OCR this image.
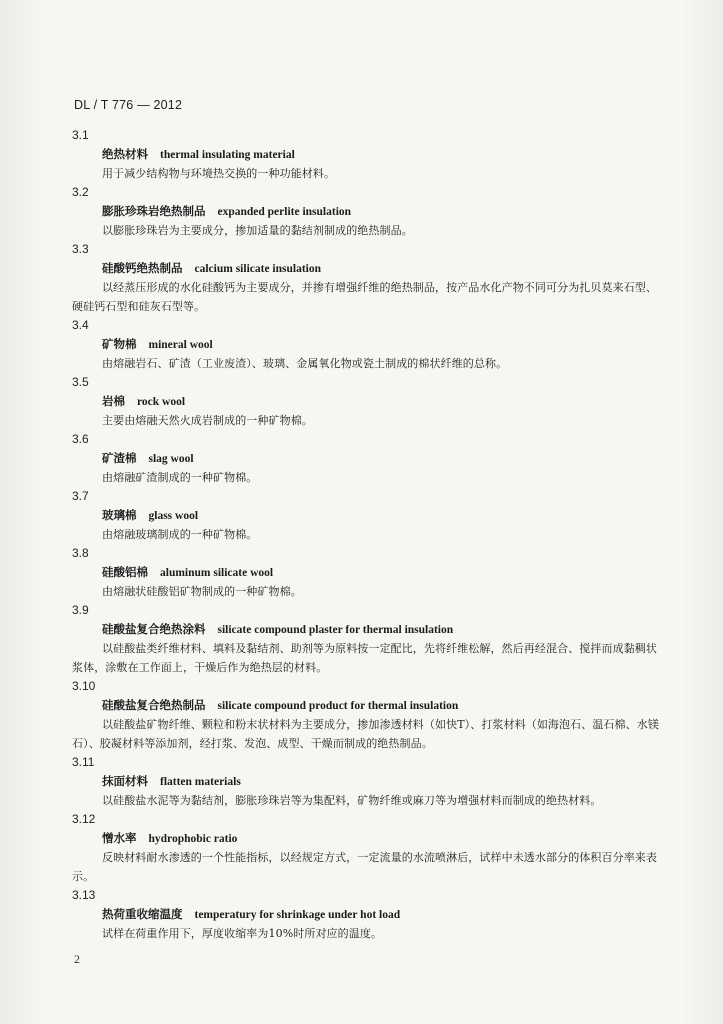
DL / T 776 — 2012
3.1
绝热材料 thermal insulating material
用于减少结构物与环境热交换的一种功能材料。
3.2
膨胀珍珠岩绝热制品 expanded perlite insulation
以膨胀珍珠岩为主要成分，掺加适量的黏结剂制成的绝热制品。
3.3
硅酸钙绝热制品 calcium silicate insulation
以经蒸压形成的水化硅酸钙为主要成分，并掺有增强纤维的绝热制品，按产品水化产物不同可分为扎贝莫来石型、硬硅钙石型和硅灰石型等。
3.4
矿物棉 mineral wool
由熔融岩石、矿渣（工业废渣）、玻璃、金属氧化物或瓷土制成的棉状纤维的总称。
3.5
岩棉 rock wool
主要由熔融天然火成岩制成的一种矿物棉。
3.6
矿渣棉 slag wool
由熔融矿渣制成的一种矿物棉。
3.7
玻璃棉 glass wool
由熔融玻璃制成的一种矿物棉。
3.8
硅酸铝棉 aluminum silicate wool
由熔融状硅酸铝矿物制成的一种矿物棉。
3.9
硅酸盐复合绝热涂料 silicate compound plaster for thermal insulation
以硅酸盐类纤维材料、填料及黏结剂、助剂等为原料按一定配比，先将纤维松解，然后再经混合、搅拌而成黏稠状浆体，涂敷在工作面上，干燥后作为绝热层的材料。
3.10
硅酸盐复合绝热制品 silicate compound product for thermal insulation
以硅酸盐矿物纤维、颗粒和粉末状材料为主要成分，掺加渗透材料（如快T）、打浆材料（如海泡石、温石棉、水镁石）、胶凝材料等添加剂，经打浆、发泡、成型、干燥而制成的绝热制品。
3.11
抹面材料 flatten materials
以硅酸盐水泥等为黏结剂，膨胀珍珠岩等为集配料，矿物纤维或麻刀等为增强材料而制成的绝热材料。
3.12
憎水率 hydrophobic ratio
反映材料耐水渗透的一个性能指标，以经规定方式，一定流量的水流喷淋后，试样中未透水部分的体积百分率来表示。
3.13
热荷重收缩温度 temperatury for shrinkage under hot load
试样在荷重作用下，厚度收缩率为10%时所对应的温度。
2
